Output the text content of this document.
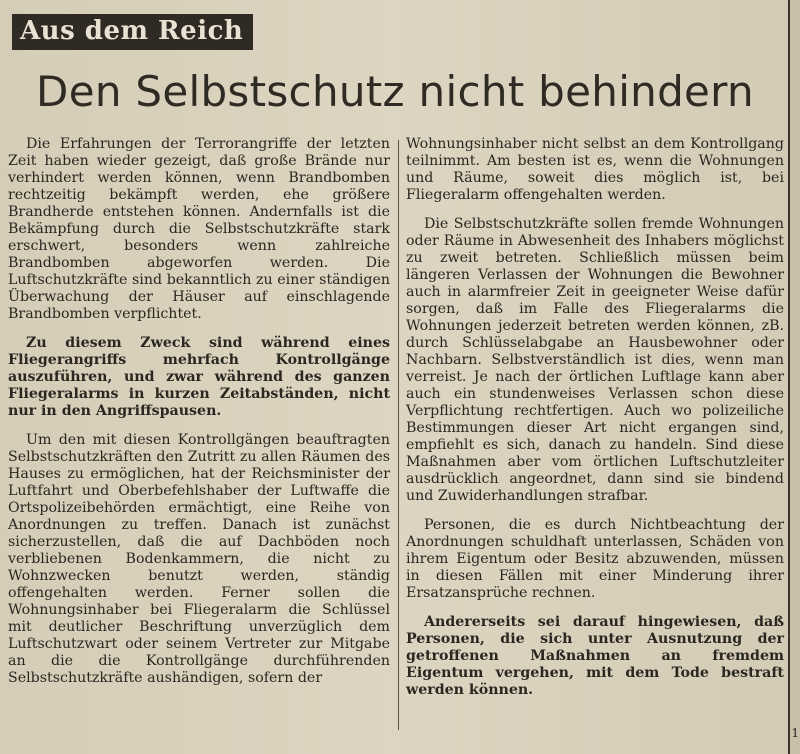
Aus dem Reich
Den Selbstschutz nicht behindern

Die Erfahrungen der Terrorangriffe der letzten Zeit haben wieder gezeigt, daß große Brände nur verhindert werden können, wenn Brandbomben rechtzeitig bekämpft werden, ehe größere Brandherde entstehen können. Andernfalls ist die Bekämpfung durch die Selbstschutzkräfte stark erschwert, besonders wenn zahlreiche Brandbomben abgeworfen werden. Die Luftschutzkräfte sind bekanntlich zu einer ständigen Überwachung der Häuser auf einschlagende Brandbomben verpflichtet.

Zu diesem Zweck sind während eines Fliegerangriffs mehrfach Kontrollgänge auszuführen, und zwar während des ganzen Fliegeralarms in kurzen Zeitabständen, nicht nur in den Angriffspausen.

Um den mit diesen Kontrollgängen beauftragten Selbstschutzkräften den Zutritt zu allen Räumen des Hauses zu ermöglichen, hat der Reichsminister der Luftfahrt und Oberbefehlshaber der Luftwaffe die Ortspolizeibehörden ermächtigt, eine Reihe von Anordnungen zu treffen. Danach ist zunächst sicherzustellen, daß die auf Dachböden noch verbliebenen Bodenkammern, die nicht zu Wohnzwecken benutzt werden, ständig offengehalten werden. Ferner sollen die Wohnungsinhaber bei Fliegeralarm die Schlüssel mit deutlicher Beschriftung unverzüglich dem Luftschutzwart oder seinem Vertreter zur Mitgabe an die die Kontrollgänge durchführenden Selbstschutzkräfte aushändigen, sofern der

Wohnungsinhaber nicht selbst an dem Kontrollgang teilnimmt. Am besten ist es, wenn die Wohnungen und Räume, soweit dies möglich ist, bei Fliegeralarm offengehalten werden.

Die Selbstschutzkräfte sollen fremde Wohnungen oder Räume in Abwesenheit des Inhabers möglichst zu zweit betreten. Schließlich müssen beim längeren Verlassen der Wohnungen die Bewohner auch in alarmfreier Zeit in geeigneter Weise dafür sorgen, daß im Falle des Fliegeralarms die Wohnungen jederzeit betreten werden können, zB. durch Schlüsselabgabe an Hausbewohner oder Nachbarn. Selbstverständlich ist dies, wenn man verreist. Je nach der örtlichen Luftlage kann aber auch ein stundenweises Verlassen schon diese Verpflichtung rechtfertigen. Auch wo polizeiliche Bestimmungen dieser Art nicht ergangen sind, empfiehlt es sich, danach zu handeln. Sind diese Maßnahmen aber vom örtlichen Luftschutzleiter ausdrücklich angeordnet, dann sind sie bindend und Zuwiderhandlungen strafbar.

Personen, die es durch Nichtbeachtung der Anordnungen schuldhaft unterlassen, Schäden von ihrem Eigentum oder Besitz abzuwenden, müssen in diesen Fällen mit einer Minderung ihrer Ersatzansprüche rechnen.

Andererseits sei darauf hingewiesen, daß Personen, die sich unter Ausnutzung der getroffenen Maßnahmen an fremdem Eigentum vergehen, mit dem Tode bestraft werden können.

1
